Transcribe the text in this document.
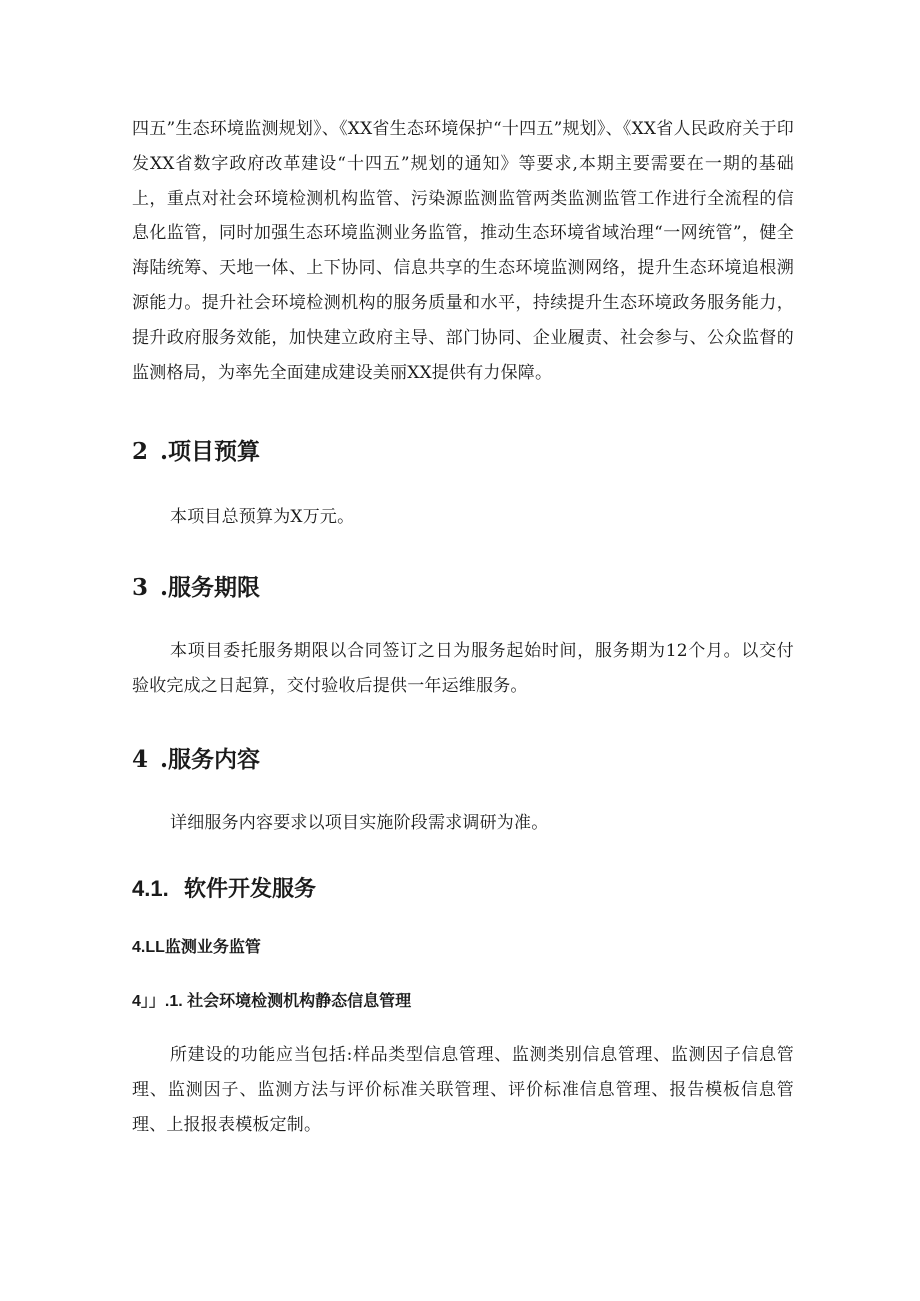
四五”生态环境监测规划》、《XX省生态环境保护“十四五”规划》、《XX省人民政府关于印发XX省数字政府改革建设“十四五”规划的通知》等要求,本期主要需要在一期的基础上，重点对社会环境检测机构监管、污染源监测监管两类监测监管工作进行全流程的信息化监管，同时加强生态环境监测业务监管，推动生态环境省域治理“一网统管”，健全海陆统筹、天地一体、上下协同、信息共享的生态环境监测网络，提升生态环境追根溯源能力。提升社会环境检测机构的服务质量和水平，持续提升生态环境政务服务能力，提升政府服务效能，加快建立政府主导、部门协同、企业履责、社会参与、公众监督的监测格局，为率先全面建成建设美丽XX提供有力保障。

2 .项目预算

本项目总预算为X万元。

3 .服务期限

本项目委托服务期限以合同签订之日为服务起始时间，服务期为12个月。以交付验收完成之日起算，交付验收后提供一年运维服务。

4 .服务内容

详细服务内容要求以项目实施阶段需求调研为准。

4.1. 软件开发服务
4.LL监测业务监管
4」」.1. 社会环境检测机构静态信息管理

所建设的功能应当包括:样品类型信息管理、监测类别信息管理、监测因子信息管理、监测因子、监测方法与评价标准关联管理、评价标准信息管理、报告模板信息管理、上报报表模板定制。
